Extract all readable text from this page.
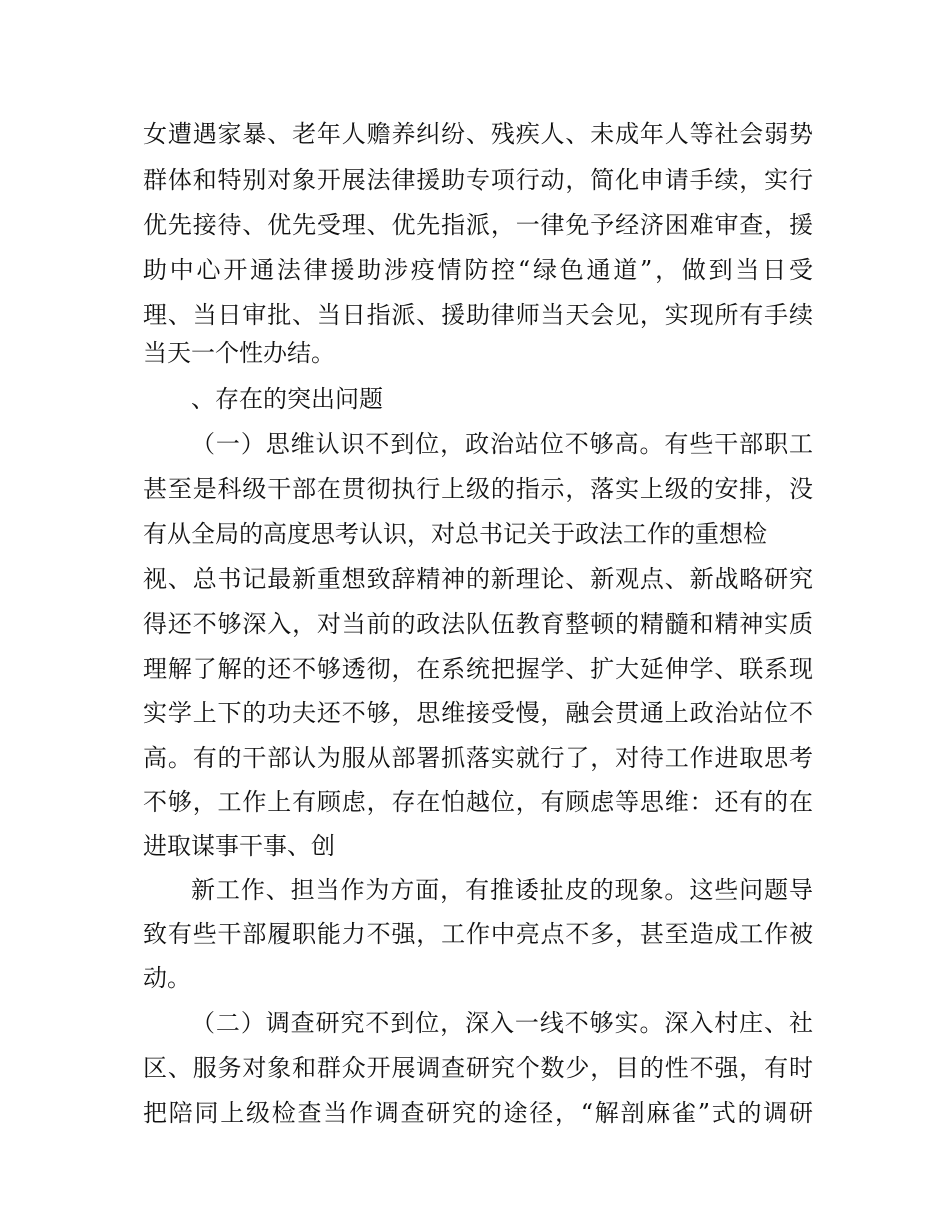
女遭遇家暴、老年人赡养纠纷、残疾人、未成年人等社会弱势
群体和特别对象开展法律援助专项行动，简化申请手续，实行
优先接待、优先受理、优先指派，一律免予经济困难审查，援
助中心开通法律援助涉疫情防控“绿色通道”，做到当日受
理、当日审批、当日指派、援助律师当天会见，实现所有手续
当天一个性办结。
、存在的突出问题
（一）思维认识不到位，政治站位不够高。有些干部职工
甚至是科级干部在贯彻执行上级的指示，落实上级的安排，没
有从全局的高度思考认识，对总书记关于政法工作的重想检
视、总书记最新重想致辞精神的新理论、新观点、新战略研究
得还不够深入，对当前的政法队伍教育整顿的精髓和精神实质
理解了解的还不够透彻，在系统把握学、扩大延伸学、联系现
实学上下的功夫还不够，思维接受慢，融会贯通上政治站位不
高。有的干部认为服从部署抓落实就行了，对待工作进取思考
不够，工作上有顾虑，存在怕越位，有顾虑等思维：还有的在
进取谋事干事、创
新工作、担当作为方面，有推诿扯皮的现象。这些问题导
致有些干部履职能力不强，工作中亮点不多，甚至造成工作被
动。
（二）调查研究不到位，深入一线不够实。深入村庄、社
区、服务对象和群众开展调查研究个数少，目的性不强，有时
把陪同上级检查当作调查研究的途径，“解剖麻雀”式的调研
